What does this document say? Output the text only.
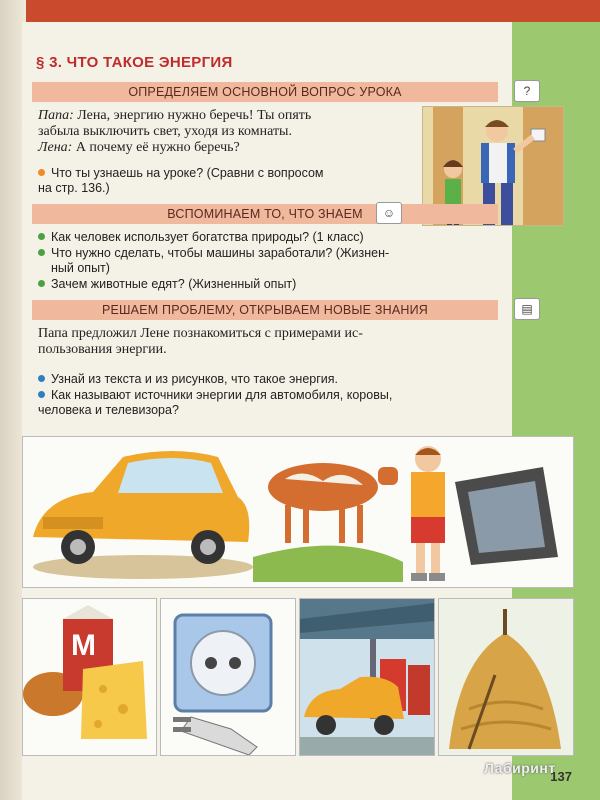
§ 3. ЧТО ТАКОЕ ЭНЕРГИЯ
ОПРЕДЕЛЯЕМ ОСНОВНОЙ ВОПРОС УРОКА	?
Папа: Лена, энергию нужно беречь! Ты опять
забыла выключить свет, уходя из комнаты.
Лена: А почему её нужно беречь?
Что ты узнаешь на уроке? (Сравни с вопросом
на стр. 136.)
ВСПОМИНАЕМ ТО, ЧТО ЗНАЕМ	☺
Как человек использует богатства природы? (1 класс)
Что нужно сделать, чтобы машины заработали? (Жизнен-
ный опыт)
Зачем животные едят? (Жизненный опыт)
РЕШАЕМ ПРОБЛЕМУ, ОТКРЫВАЕМ НОВЫЕ ЗНАНИЯ	▤
Папа предложил Лене познакомиться с примерами ис-
пользования энергии.
Узнай из текста и из рисунков, что такое энергия.
Как называют источники энергии для автомобиля, коровы,
человека и телевизора?
М
137
Лабиринт
